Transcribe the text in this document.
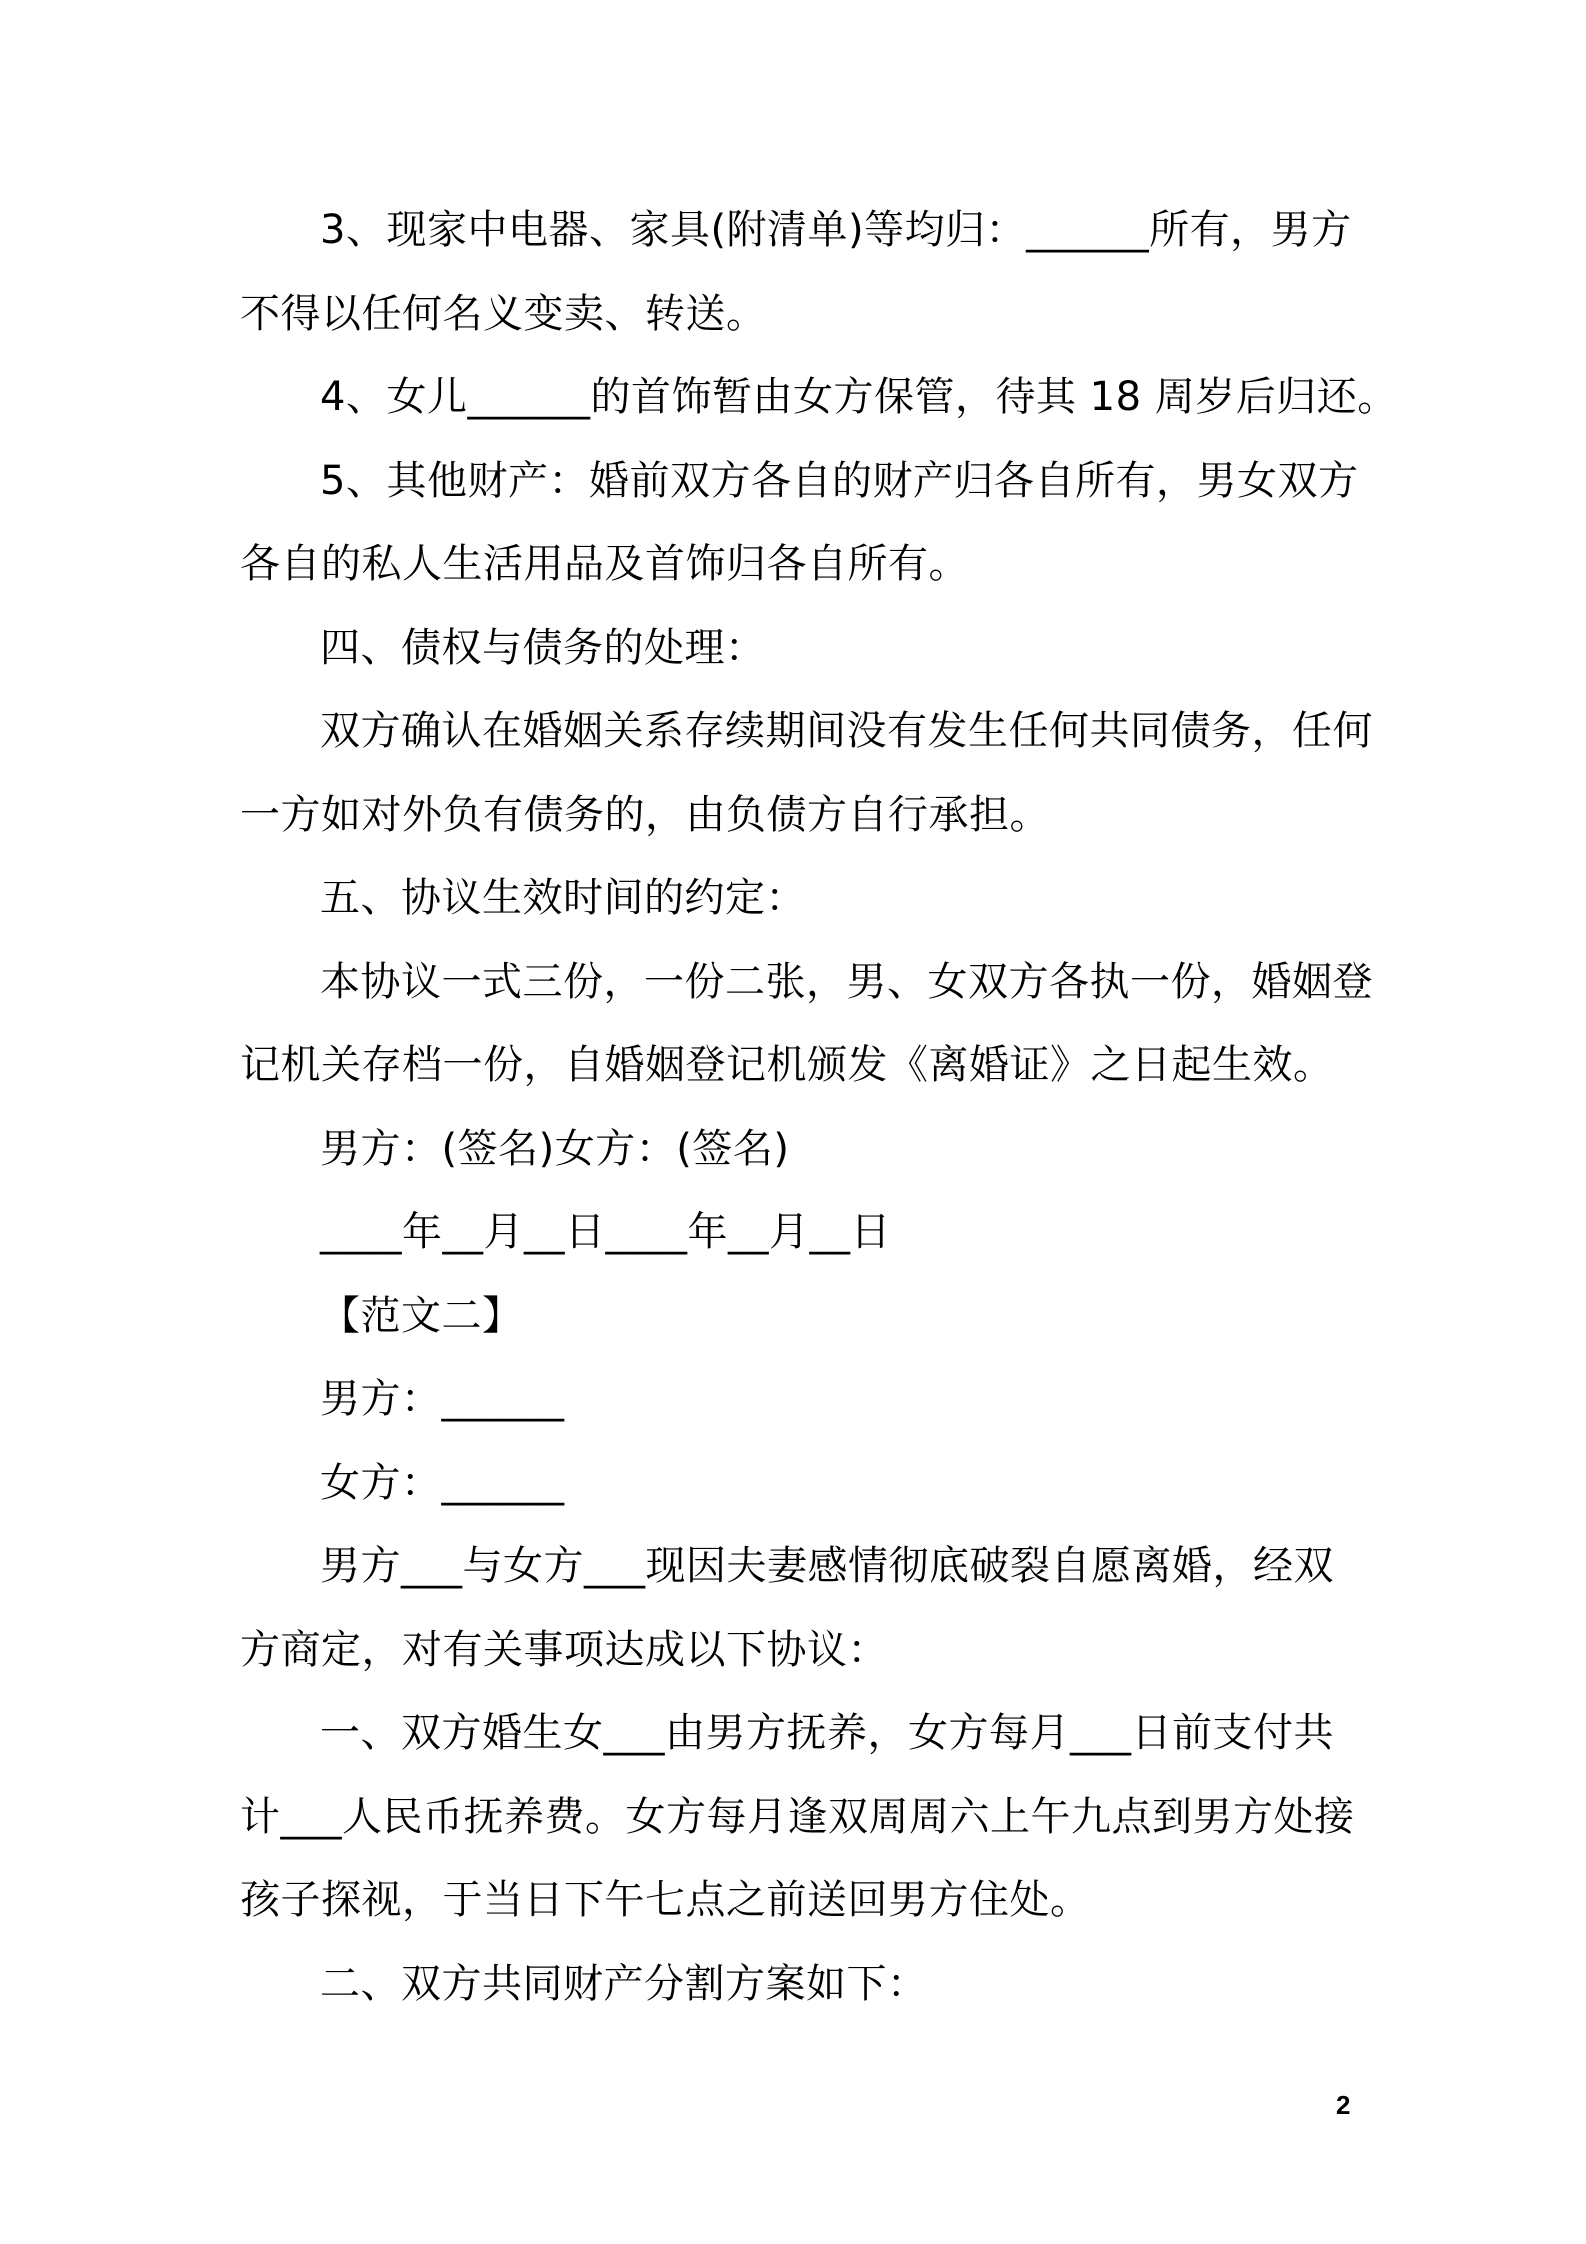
3、现家中电器、家具(附清单)等均归：______所有，男方
不得以任何名义变卖、转送。
4、女儿______的首饰暂由女方保管，待其 18 周岁后归还。
5、其他财产：婚前双方各自的财产归各自所有，男女双方
各自的私人生活用品及首饰归各自所有。
四、债权与债务的处理：
双方确认在婚姻关系存续期间没有发生任何共同债务，任何
一方如对外负有债务的，由负债方自行承担。
五、协议生效时间的约定：
本协议一式三份，一份二张，男、女双方各执一份，婚姻登
记机关存档一份，自婚姻登记机颁发《离婚证》之日起生效。
男方：(签名)女方：(签名)
____年__月__日____年__月__日
【范文二】
男方：______
女方：______
男方___与女方___现因夫妻感情彻底破裂自愿离婚，经双
方商定，对有关事项达成以下协议：
一、双方婚生女___由男方抚养，女方每月___日前支付共
计___人民币抚养费。女方每月逢双周周六上午九点到男方处接
孩子探视，于当日下午七点之前送回男方住处。
二、双方共同财产分割方案如下：
2
